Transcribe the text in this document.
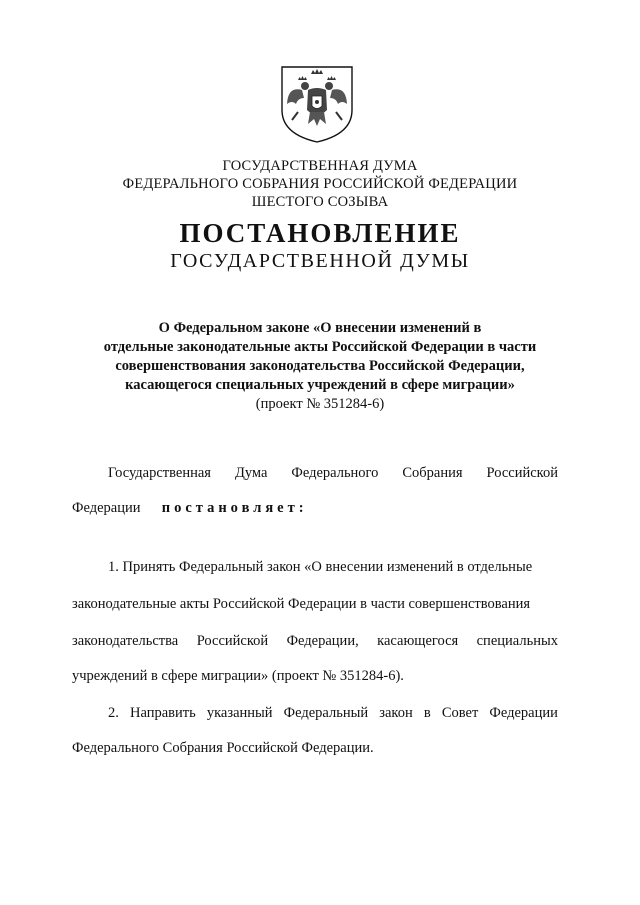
ГОСУДАРСТВЕННАЯ ДУМА
ФЕДЕРАЛЬНОГО СОБРАНИЯ РОССИЙСКОЙ ФЕДЕРАЦИИ
ШЕСТОГО СОЗЫВА
ПОСТАНОВЛЕНИЕ
ГОСУДАРСТВЕННОЙ ДУМЫ
О Федеральном законе «О внесении изменений в
отдельные законодательные акты Российской Федерации в части
совершенствования законодательства Российской Федерации,
касающегося специальных учреждений в сфере миграции»
(проект № 351284-6)
Государственная Дума Федерального Собрания Российской
Федерации постановляет:
1. Принять Федеральный закон «О внесении изменений в отдельные
законодательные акты Российской Федерации в части совершенствования
законодательства Российской Федерации, касающегося специальных
учреждений в сфере миграции» (проект № 351284-6).
2. Направить указанный Федеральный закон в Совет Федерации
Федерального Собрания Российской Федерации.
